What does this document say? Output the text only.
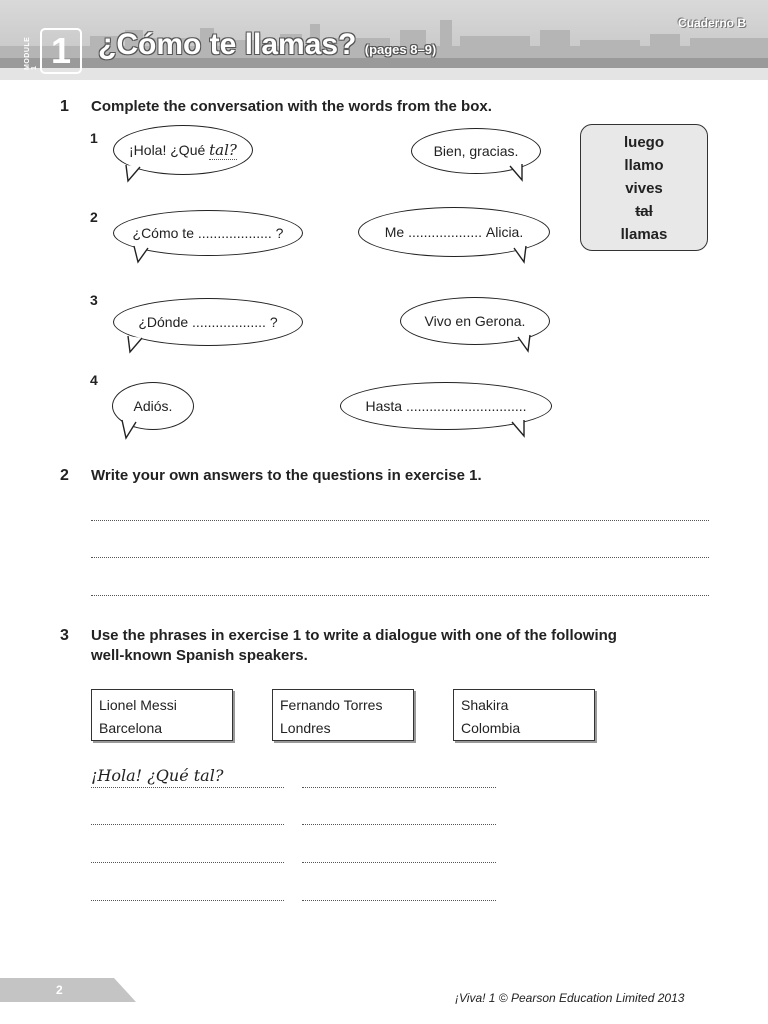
MODULE 1 1 ¿Cómo te llamas? (pages 8–9)
Cuaderno B
1 Complete the conversation with the words from the box.
1
¡Hola! ¿Qué
tal?	Bien, gracias.
2
¿Cómo te
...................
?	Me
...................
Alicia.
3
¿Dónde
...................
?	Vivo en Gerona.
4
Adiós.	Hasta
...............................
luego
llamo
vives
tal
llamas
2 Write your own answers to the questions in exercise 1.
3 Use the phrases in exercise 1 to write a dialogue with one of the following
well-known Spanish speakers.
Lionel Messi
Barcelona
Fernando Torres
Londres
Shakira
Colombia
¡Hola! ¿Qué tal?
2
¡Viva! 1 © Pearson Education Limited 2013
